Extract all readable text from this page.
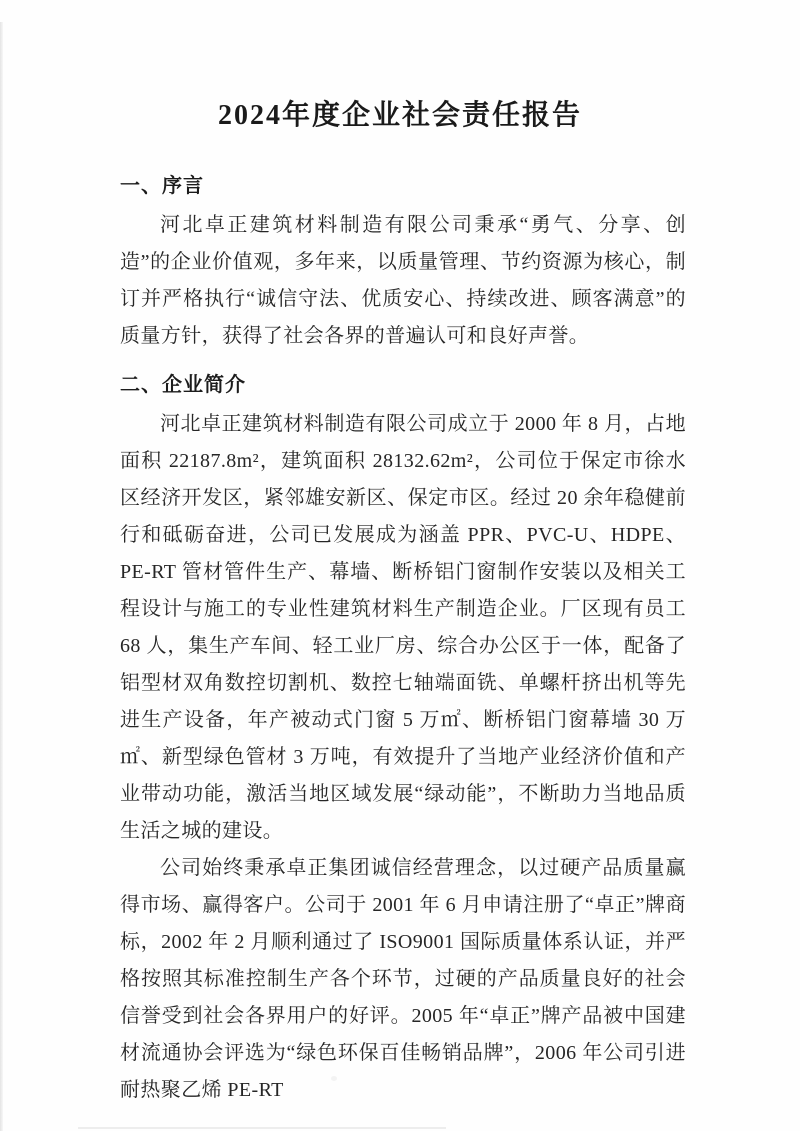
2024年度企业社会责任报告
一、序言

河北卓正建筑材料制造有限公司秉承“勇气、分享、创造”的企业价值观，多年来，以质量管理、节约资源为核心，制订并严格执行“诚信守法、优质安心、持续改进、顾客满意”的质量方针，获得了社会各界的普遍认可和良好声誉。

二、企业简介

河北卓正建筑材料制造有限公司成立于 2000 年 8 月，占地面积 22187.8m²，建筑面积 28132.62m²，公司位于保定市徐水区经济开发区，紧邻雄安新区、保定市区。经过 20 余年稳健前行和砥砺奋进，公司已发展成为涵盖 PPR、PVC-U、HDPE、PE-RT 管材管件生产、幕墙、断桥铝门窗制作安装以及相关工程设计与施工的专业性建筑材料生产制造企业。厂区现有员工 68 人，集生产车间、轻工业厂房、综合办公区于一体，配备了铝型材双角数控切割机、数控七轴端面铣、单螺杆挤出机等先进生产设备，年产被动式门窗 5 万㎡、断桥铝门窗幕墙 30 万㎡、新型绿色管材 3 万吨，有效提升了当地产业经济价值和产业带动功能，激活当地区域发展“绿动能”，不断助力当地品质生活之城的建设。

公司始终秉承卓正集团诚信经营理念，以过硬产品质量赢得市场、赢得客户。公司于 2001 年 6 月申请注册了“卓正”牌商标，2002 年 2 月顺利通过了 ISO9001 国际质量体系认证，并严格按照其标准控制生产各个环节，过硬的产品质量良好的社会信誉受到社会各界用户的好评。2005 年“卓正”牌产品被中国建材流通协会评选为“绿色环保百佳畅销品牌”，2006 年公司引进耐热聚乙烯 PE-RT
